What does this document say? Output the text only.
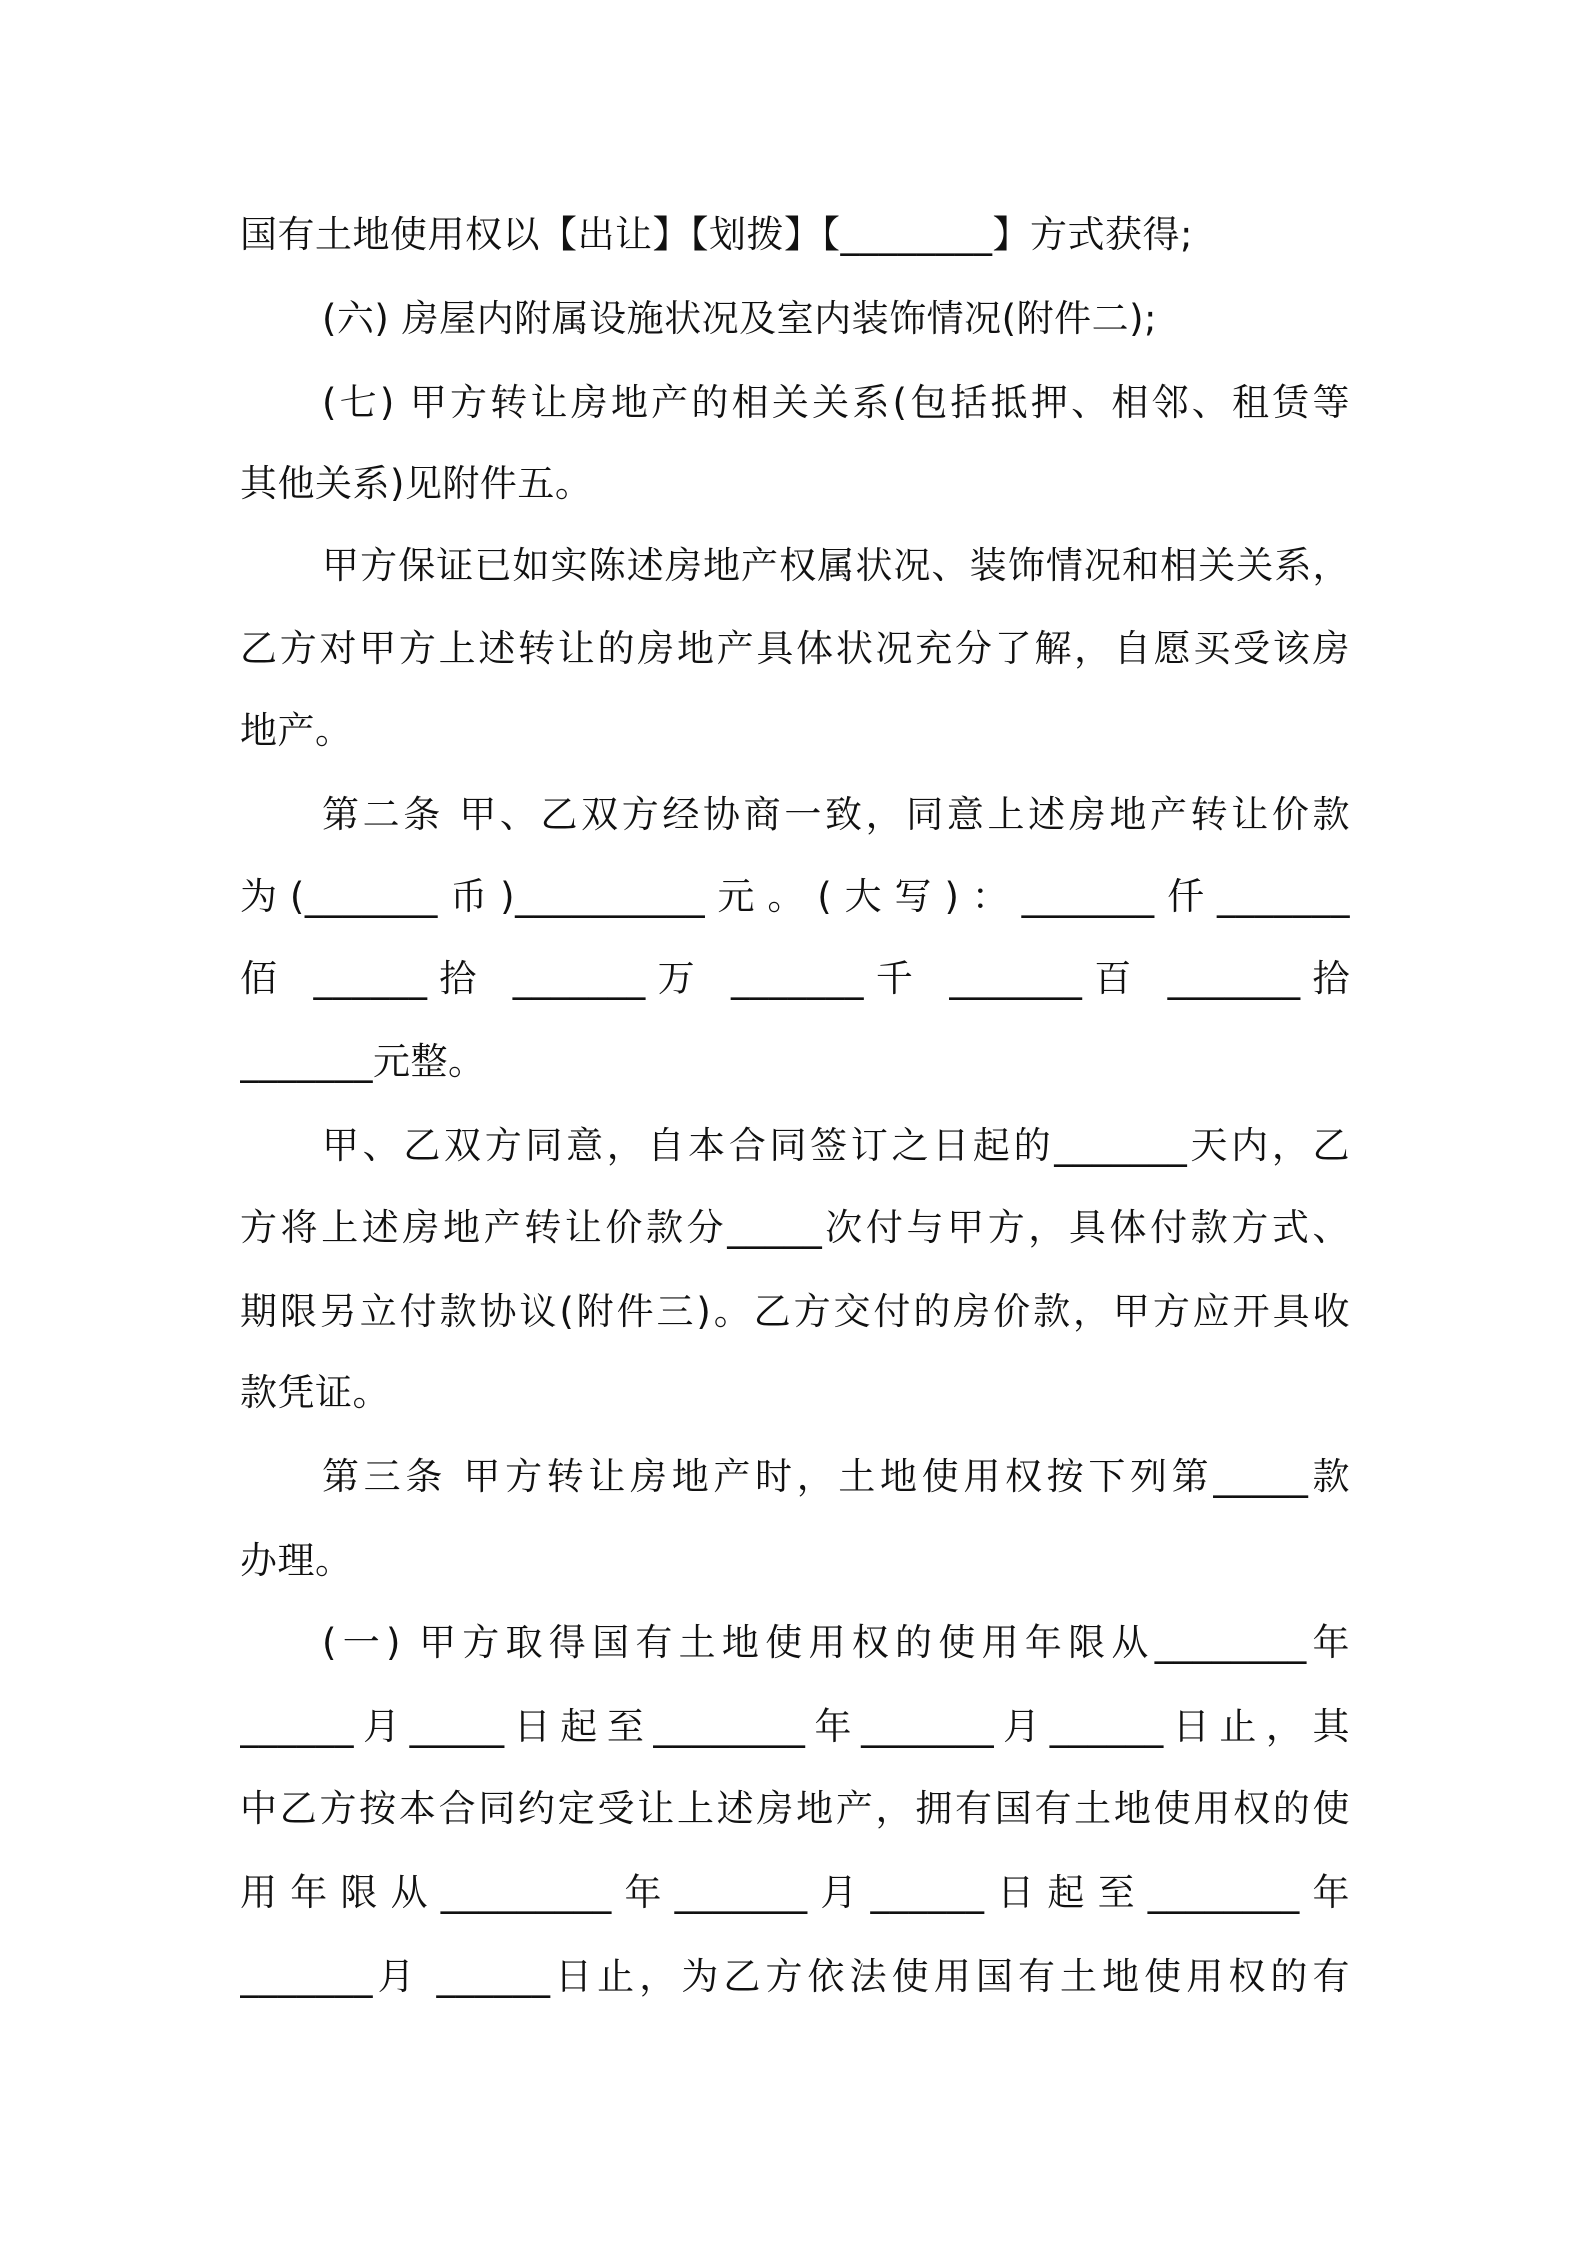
国有土地使用权以【出让】【划拨】【________】方式获得;
(六) 房屋内附属设施状况及室内装饰情况(附件二);
(七) 甲方转让房地产的相关关系(包括抵押、相邻、租赁等
其他关系)见附件五。
甲方保证已如实陈述房地产权属状况、装饰情况和相关关系，
乙方对甲方上述转让的房地产具体状况充分了解，自愿买受该房
地产。
第二条 甲、乙双方经协商一致，同意上述房地产转让价款
为(_______币)__________元。(大写)：_______仟_______
佰 ______拾 _______万 _______千 _______百 _______拾
_______元整。
甲、乙双方同意，自本合同签订之日起的_______天内，乙
方将上述房地产转让价款分_____次付与甲方，具体付款方式、
期限另立付款协议(附件三)。乙方交付的房价款，甲方应开具收
款凭证。
第三条 甲方转让房地产时，土地使用权按下列第_____款
办理。
(一) 甲方取得国有土地使用权的使用年限从________年
______月_____日起至________年_______月______日止，其
中乙方按本合同约定受让上述房地产，拥有国有土地使用权的使
用年限从_________年_______月______日起至________年
_______月 ______日止，为乙方依法使用国有土地使用权的有
